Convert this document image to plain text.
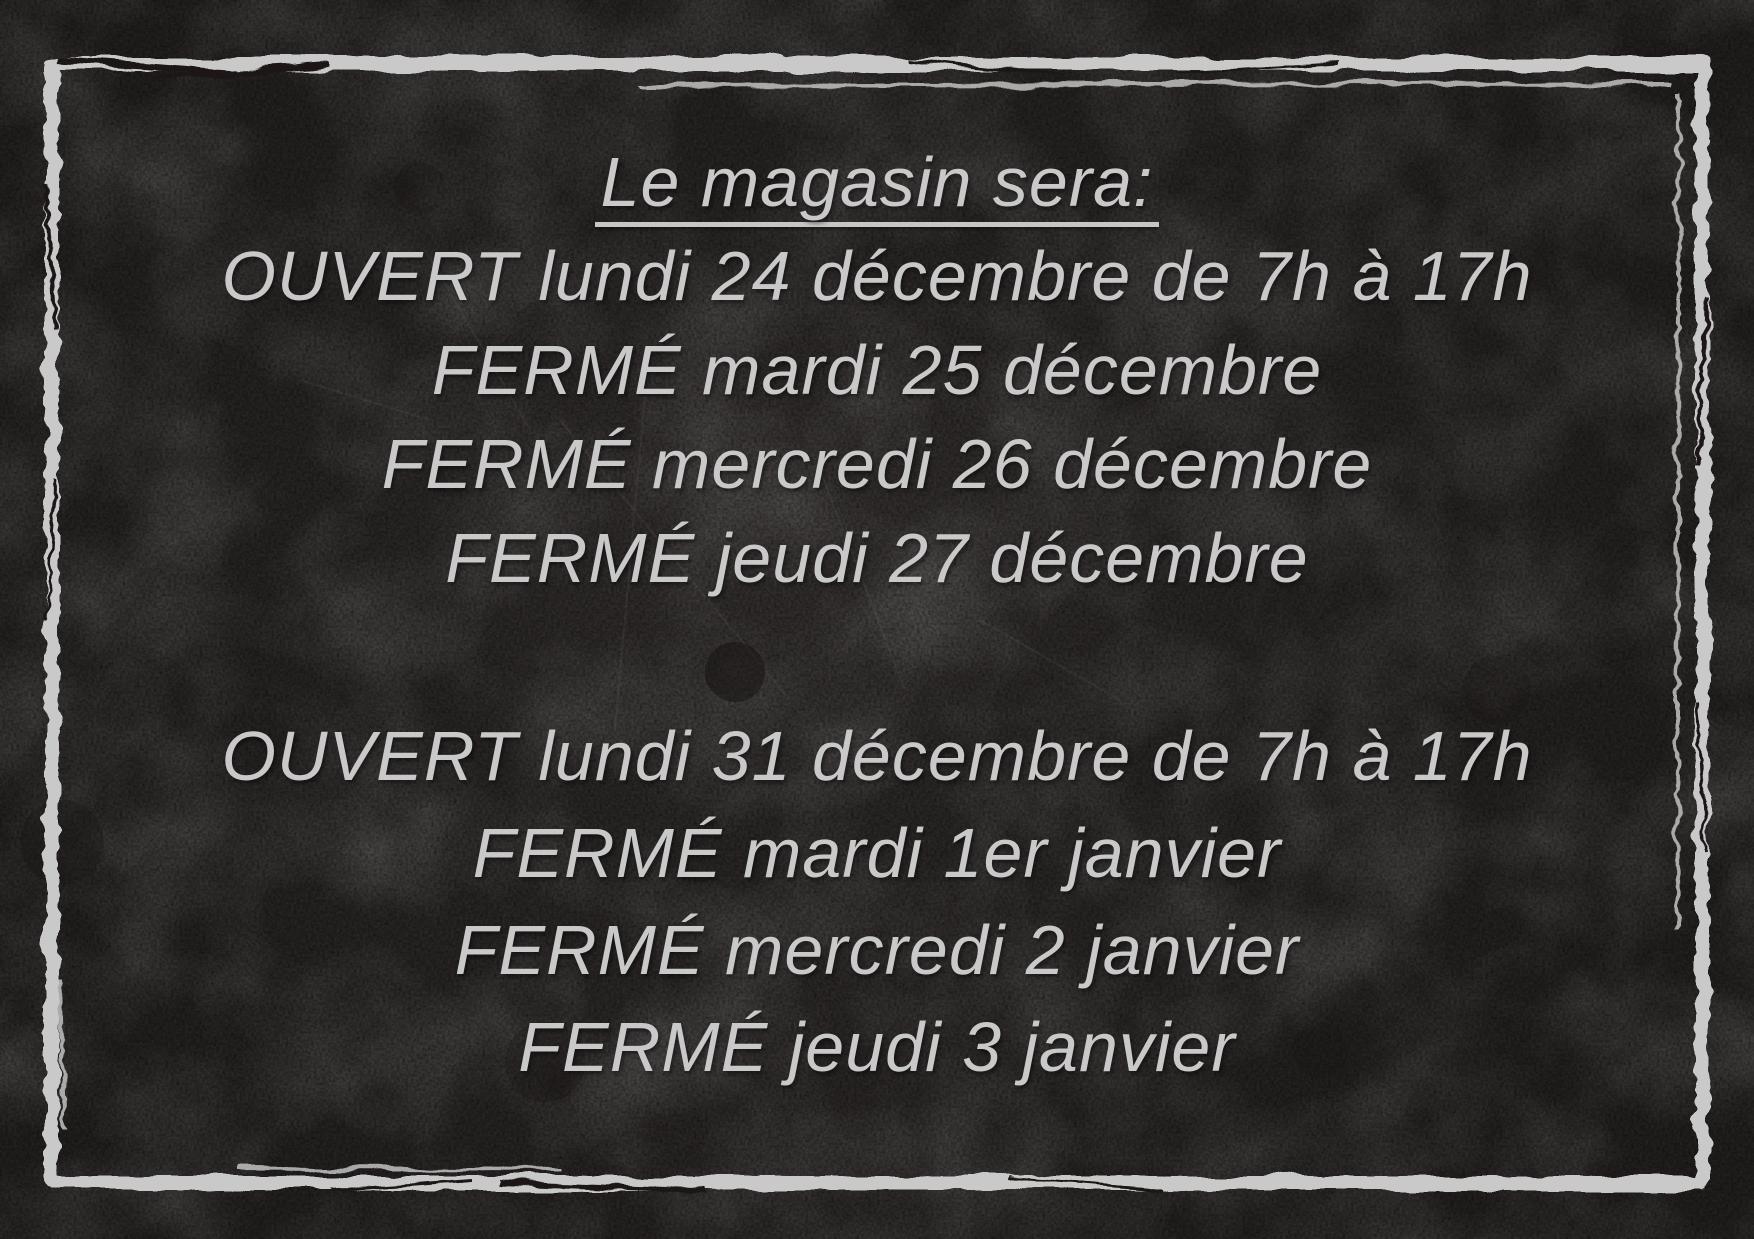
Le magasin sera:
OUVERT lundi 24 décembre de 7h à 17h
FERMÉ mardi 25 décembre
FERMÉ mercredi 26 décembre
FERMÉ jeudi 27 décembre
OUVERT lundi 31 décembre de 7h à 17h
FERMÉ mardi 1er janvier
FERMÉ mercredi 2 janvier
FERMÉ jeudi 3 janvier
